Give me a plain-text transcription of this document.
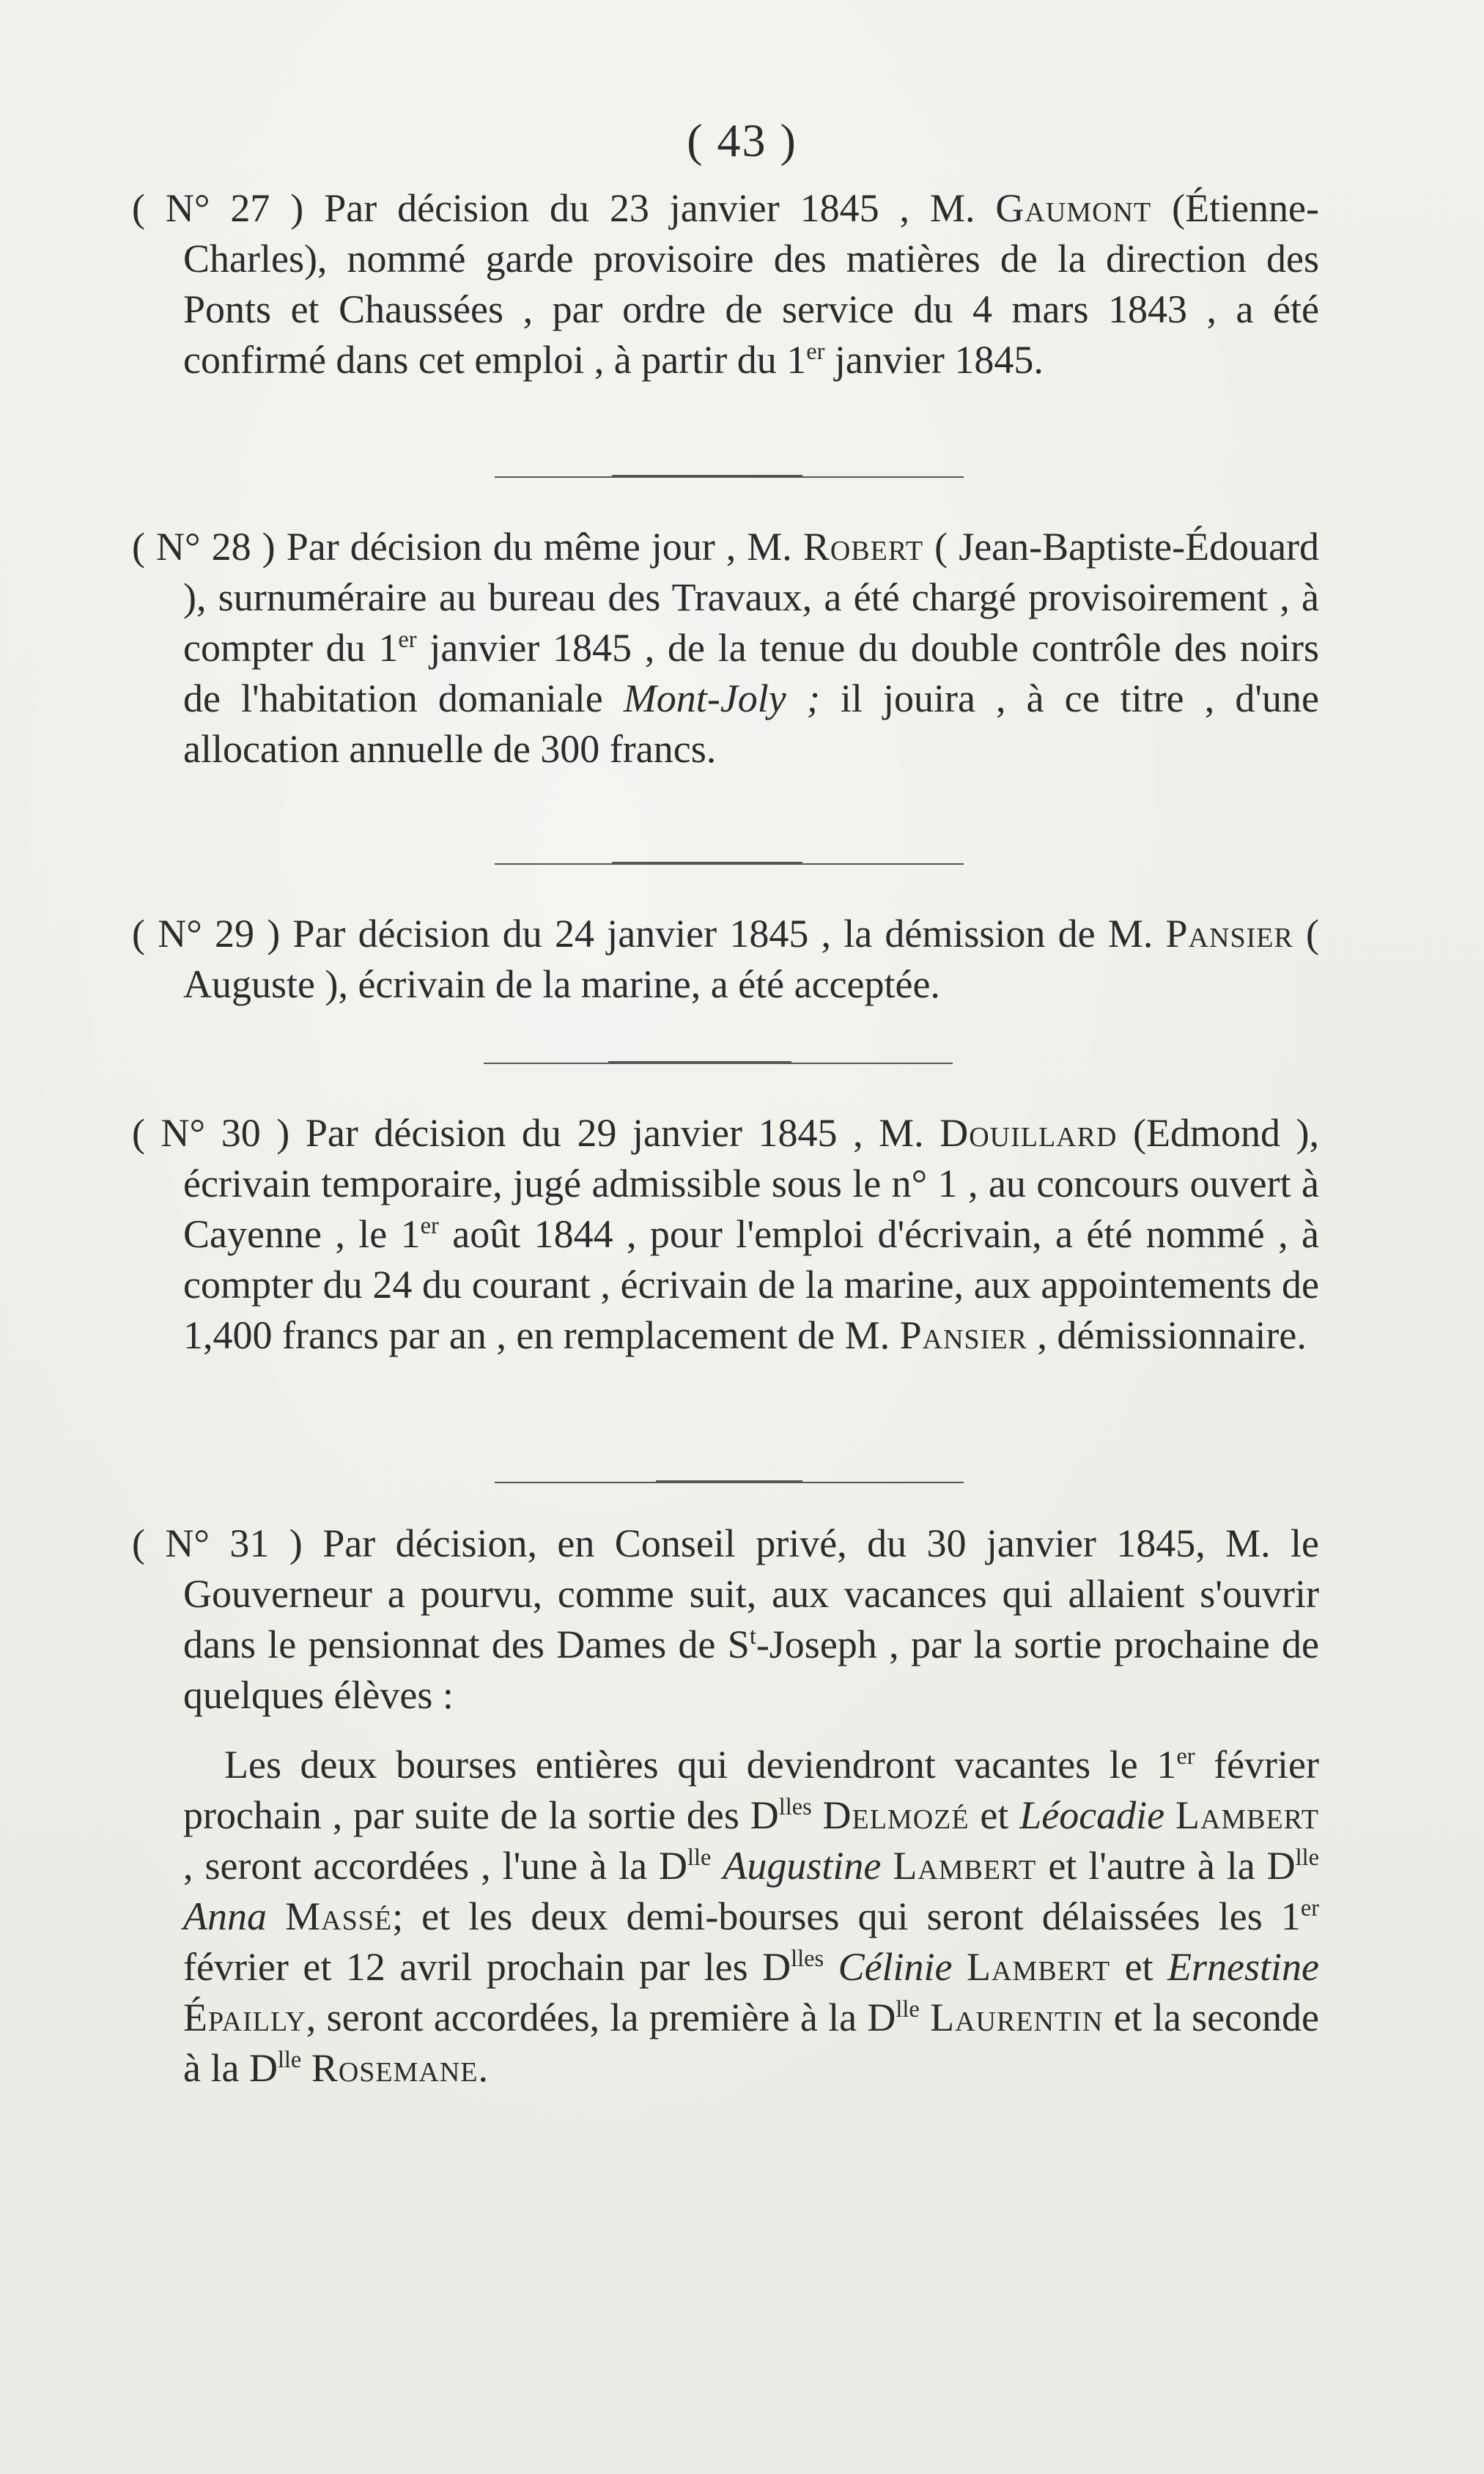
( 43 )

( N° 27 ) Par décision du 23 janvier 1845 , M. Gaumont (Étienne-Charles), nommé garde provisoire des matières de la direction des Ponts et Chaussées , par ordre de service du 4 mars 1843 , a été confirmé dans cet emploi , à partir du 1er janvier 1845.

( N° 28 ) Par décision du même jour , M. Robert ( Jean-Baptiste-Édouard ), surnuméraire au bureau des Travaux, a été chargé provisoirement , à compter du 1er janvier 1845 , de la tenue du double contrôle des noirs de l'habitation domaniale Mont-Joly ; il jouira , à ce titre , d'une allocation annuelle de 300 francs.

( N° 29 ) Par décision du 24 janvier 1845 , la démission de M. Pansier ( Auguste ), écrivain de la marine, a été acceptée.

( N° 30 ) Par décision du 29 janvier 1845 , M. Douillard (Edmond ), écrivain temporaire, jugé admissible sous le n° 1 , au concours ouvert à Cayenne , le 1er août 1844 , pour l'emploi d'écrivain, a été nommé , à compter du 24 du courant , écrivain de la marine, aux appointements de 1,400 francs par an , en remplacement de M. Pansier , démissionnaire.

( N° 31 ) Par décision, en Conseil privé, du 30 janvier 1845, M. le Gouverneur a pourvu, comme suit, aux vacances qui allaient s'ouvrir dans le pensionnat des Dames de $S^t$-Joseph , par la sortie prochaine de quelques élèves :

Les deux bourses entières qui deviendront vacantes le 1er février prochain , par suite de la sortie des $D^{lles}$ Delmozé et Léocadie Lambert , seront accordées , l'une à la $D^{lle}$ Augustine Lambert et l'autre à la $D^{lle}$ Anna Massé; et les deux demi-bourses qui seront délaissées les 1er février et 12 avril prochain par les $D^{lles}$ Célinie Lambert et Ernestine Épailly, seront accordées, la première à la $D^{lle}$ Laurentin et la seconde à la $D^{lle}$ Rosemane.
